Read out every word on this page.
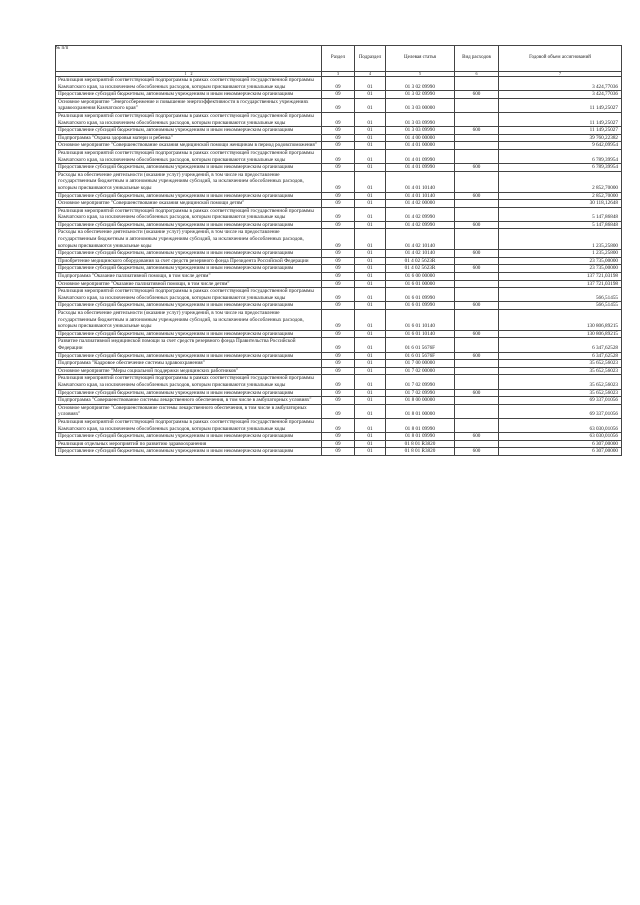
№ п/п	Раздел	Подраздел	Целевая статья	Вид расходов	Годовой объем ассигнований
1 2	3	4	5	6	7
Реализация мероприятий соответствующей подпрограммы в рамках соответствующей государственной программы Камчатского края, за исключением обособленных расходов, которым присваиваются уникальные коды	09	01	01 3 02 09990		3 424,77036
Предоставление субсидий бюджетным, автономным учреждениям и иным некоммерческим организациям	09	01	01 3 02 09990	600	3 424,77036
Основное мероприятие "Энергосбережение и повышение энергоэффективности в государственных учреждениях здравоохранения Камчатского края"	09	01	01 3 03 00000		11 149,25027
Реализация мероприятий соответствующей подпрограммы в рамках соответствующей государственной программы Камчатского края, за исключением обособленных расходов, которым присваиваются уникальные коды	09	01	01 3 03 09990		11 149,25027
Предоставление субсидий бюджетным, автономным учреждениям и иным некоммерческим организациям	09	01	01 3 03 09990	600	11 149,25027
Подпрограмма "Охрана здоровья матери и ребенка"	09	01	01 4 00 00000		39 760,22382
Основное мероприятие "Совершенствование оказания медицинской помощи женщинам в период родовспоможения"	09	01	01 4 01 00000		9 642,09954
Реализация мероприятий соответствующей подпрограммы в рамках соответствующей государственной программы Камчатского края, за исключением обособленных расходов, которым присваиваются уникальные коды	09	01	01 4 01 09990		6 789,39954
Предоставление субсидий бюджетным, автономным учреждениям и иным некоммерческим организациям	09	01	01 4 01 09990	600	6 789,39954
Расходы на обеспечение деятельности (оказание услуг) учреждений, в том числе на предоставление государственным бюджетным и автономным учреждениям субсидий, за исключением обособленных расходов, которым присваиваются уникальные коды	09	01	01 4 01 10140		2 852,70000
Предоставление субсидий бюджетным, автономным учреждениям и иным некоммерческим организациям	09	01	01 4 01 10140	600	2 852,70000
Основное мероприятие "Совершенствование оказания медицинской помощи детям"	09	01	01 4 02 00000		30 118,12648
Реализация мероприятий соответствующей подпрограммы в рамках соответствующей государственной программы Камчатского края, за исключением обособленных расходов, которым присваиваются уникальные коды	09	01	01 4 02 09990		5 147,86848
Предоставление субсидий бюджетным, автономным учреждениям и иным некоммерческим организациям	09	01	01 4 02 09990	600	5 147,86848
Расходы на обеспечение деятельности (оказание услуг) учреждений, в том числе на предоставление государственным бюджетным и автономным учреждениям субсидий, за исключением обособленных расходов, которым присваиваются уникальные коды	09	01	01 4 02 10140		1 235,25800
Предоставление субсидий бюджетным, автономным учреждениям и иным некоммерческим организациям	09	01	01 4 02 10140	600	1 235,25800
Приобретение медицинского оборудования за счет средств резервного фонда Президента Российской Федерации	09	01	01 4 02 5623R		23 735,00000
Предоставление субсидий бюджетным, автономным учреждениям и иным некоммерческим организациям	09	01	01 4 02 5623R	600	23 735,00000
Подпрограмма "Оказание паллиативной помощи, в том числе детям"	09	01	01 6 00 00000		137 721,03198
Основное мероприятие "Оказание паллиативной помощи, в том числе детям"	09	01	01 6 01 00000		137 721,03198
Реализация мероприятий соответствующей подпрограммы в рамках соответствующей государственной программы Камчатского края, за исключением обособленных расходов, которым присваиваются уникальные коды	09	01	01 6 01 09990		566,51455
Предоставление субсидий бюджетным, автономным учреждениям и иным некоммерческим организациям	09	01	01 6 01 09990	600	566,51455
Расходы на обеспечение деятельности (оказание услуг) учреждений, в том числе на предоставление государственным бюджетным и автономным учреждениям субсидий, за исключением обособленных расходов, которым присваиваются уникальные коды	09	01	01 6 01 10140		130 806,89215
Предоставление субсидий бюджетным, автономным учреждениям и иным некоммерческим организациям	09	01	01 6 01 10140	600	130 806,89215
Развитие паллиативной медицинской помощи за счет средств резервного фонда Правительства Российской Федерации	09	01	01 6 01 5676F		6 347,62528
Предоставление субсидий бюджетным, автономным учреждениям и иным некоммерческим организациям	09	01	01 6 01 5676F	600	6 347,62528
Подпрограмма "Кадровое обеспечение системы здравоохранения"	09	01	01 7 00 00000		35 652,56023
Основное мероприятие "Меры социальной поддержки медицинских работников"	09	01	01 7 02 00000		35 652,56023
Реализация мероприятий соответствующей подпрограммы в рамках соответствующей государственной программы Камчатского края, за исключением обособленных расходов, которым присваиваются уникальные коды	09	01	01 7 02 09990		35 652,56023
Предоставление субсидий бюджетным, автономным учреждениям и иным некоммерческим организациям	09	01	01 7 02 09990	600	35 652,56023
Подпрограмма "Совершенствование системы лекарственного обеспечения, в том числе в амбулаторных условиях"	09	01	01 8 00 00000		69 337,01056
Основное мероприятие "Совершенствование системы лекарственного обеспечения, в том числе в амбулаторных условиях"	09	01	01 8 01 00000		69 337,01056
Реализация мероприятий соответствующей подпрограммы в рамках соответствующей государственной программы Камчатского края, за исключением обособленных расходов, которым присваиваются уникальные коды	09	01	01 8 01 09990		63 030,01056
Предоставление субсидий бюджетным, автономным учреждениям и иным некоммерческим организациям	09	01	01 8 01 09990	600	63 030,01056
Реализация отдельных мероприятий по развитию здравоохранения	09	01	01 8 01 R3820		6 307,00000
Предоставление субсидий бюджетным, автономным учреждениям и иным некоммерческим организациям	09	01	01 8 01 R3820	600	6 307,00000
